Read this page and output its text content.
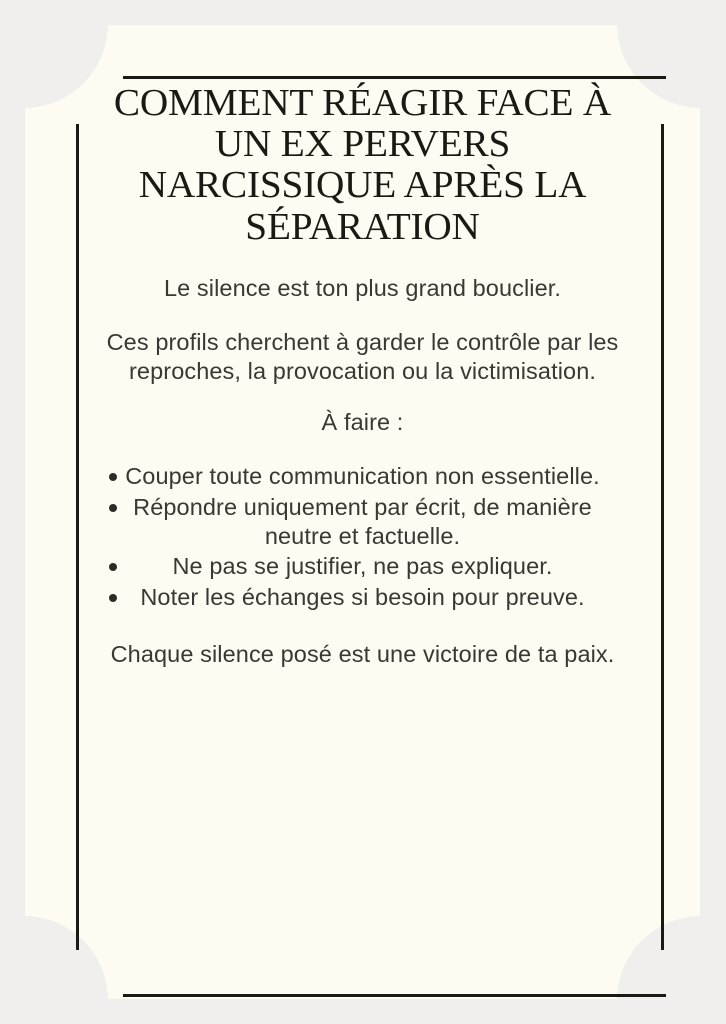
COMMENT RÉAGIR FACE À UN EX PERVERS NARCISSIQUE APRÈS LA SÉPARATION

Le silence est ton plus grand bouclier.

Ces profils cherchent à garder le contrôle par les reproches, la provocation ou la victimisation.

À faire :

Couper toute communication non essentielle.
Répondre uniquement par écrit, de manière neutre et factuelle.
Ne pas se justifier, ne pas expliquer.
Noter les échanges si besoin pour preuve.

Chaque silence posé est une victoire de ta paix.
